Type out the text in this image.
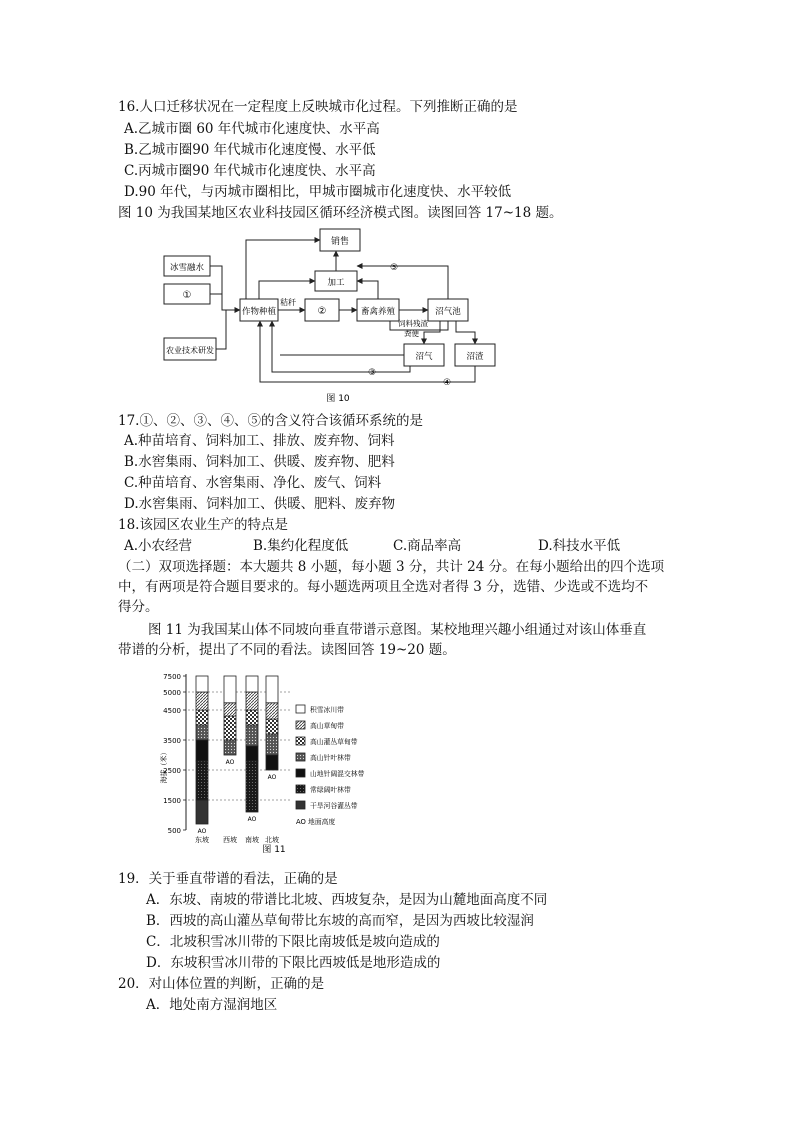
16.人口迁移状况在一定程度上反映城市化过程。下列推断正确的是
A.乙城市圈 60 年代城市化速度快、水平高
B.乙城市圈90 年代城市化速度慢、水平低
C.丙城市圈90 年代城市化速度快、水平高
D.90 年代，与丙城市圈相比，甲城市圈城市化速度快、水平较低
图 10 为我国某地区农业科技园区循环经济模式图。读图回答 17~18 题。
销售
冰雪融水
①
农业技术研发
作物种植	②
加工
畜禽养殖	沼气池
沼气	沼渣
秸秆
饲料残渣
粪便
⑤
③
④
图 10
17.①、②、③、④、⑤的含义符合该循环系统的是
A.种苗培育、饲料加工、排放、废弃物、饲料
B.水窖集雨、饲料加工、供暖、废弃物、肥料
C.种苗培育、水窖集雨、净化、废气、饲料
D.水窖集雨、饲料加工、供暖、肥料、废弃物
18.该园区农业生产的特点是
A.小农经营	B.集约化程度低	C.商品率高	D.科技水平低
（二）双项选择题：本大题共 8 小题，每小题 3 分，共计 24 分。在每小题给出的四个选项
中，有两项是符合题目要求的。每小题选两项且全选对者得 3 分，选错、少选或不选均不
得分。
图 11 为我国某山体不同坡向垂直带谱示意图。某校地理兴趣小组通过对该山体垂直
带谱的分析，提出了不同的看法。读图回答 19~20 题。
500
1500
2500
3500
4500
5000
7500
海拔（米）
AO
东坡
AO
西坡
AO
南坡
AO
北坡
积雪冰川带
高山草甸带
高山灌丛草甸带
高山针叶林带
山地针阔混交林带
常绿阔叶林带
干旱河谷灌丛带
AO 地面高度
图 11
19．关于垂直带谱的看法，正确的是
A．东坡、南坡的带谱比北坡、西坡复杂，是因为山麓地面高度不同
B．西坡的高山灌丛草甸带比东坡的高而窄，是因为西坡比较湿润
C．北坡积雪冰川带的下限比南坡低是坡向造成的
D．东坡积雪冰川带的下限比西坡低是地形造成的
20．对山体位置的判断，正确的是
A．地处南方湿润地区
